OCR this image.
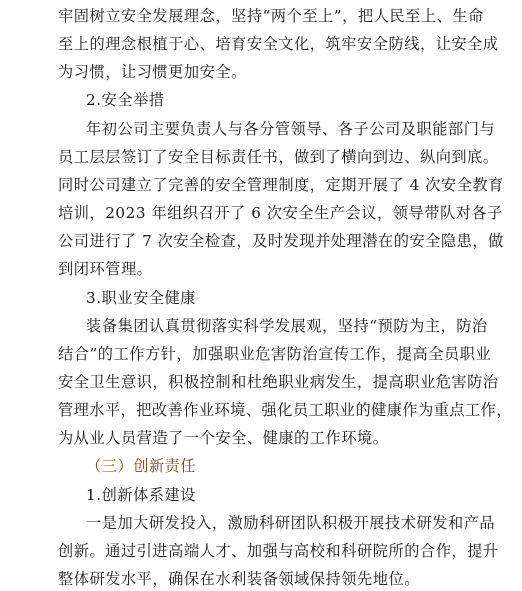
牢固树立安全发展理念，坚持“两个至上”，把人民至上、生命
至上的理念根植于心、培育安全文化，筑牢安全防线，让安全成
为习惯，让习惯更加安全。
2.安全举措
年初公司主要负责人与各分管领导、各子公司及职能部门与
员工层层签订了安全目标责任书，做到了横向到边、纵向到底。
同时公司建立了完善的安全管理制度，定期开展了 4 次安全教育
培训，2023 年组织召开了 6 次安全生产会议，领导带队对各子
公司进行了 7 次安全检查，及时发现并处理潜在的安全隐患，做
到闭环管理。
3.职业安全健康
装备集团认真贯彻落实科学发展观，坚持“预防为主，防治
结合”的工作方针，加强职业危害防治宣传工作，提高全员职业
安全卫生意识，积极控制和杜绝职业病发生，提高职业危害防治
管理水平，把改善作业环境、强化员工职业的健康作为重点工作，
为从业人员营造了一个安全、健康的工作环境。
（三）创新责任
1.创新体系建设
一是加大研发投入，激励科研团队积极开展技术研发和产品
创新。通过引进高端人才、加强与高校和科研院所的合作，提升
整体研发水平，确保在水利装备领域保持领先地位。
